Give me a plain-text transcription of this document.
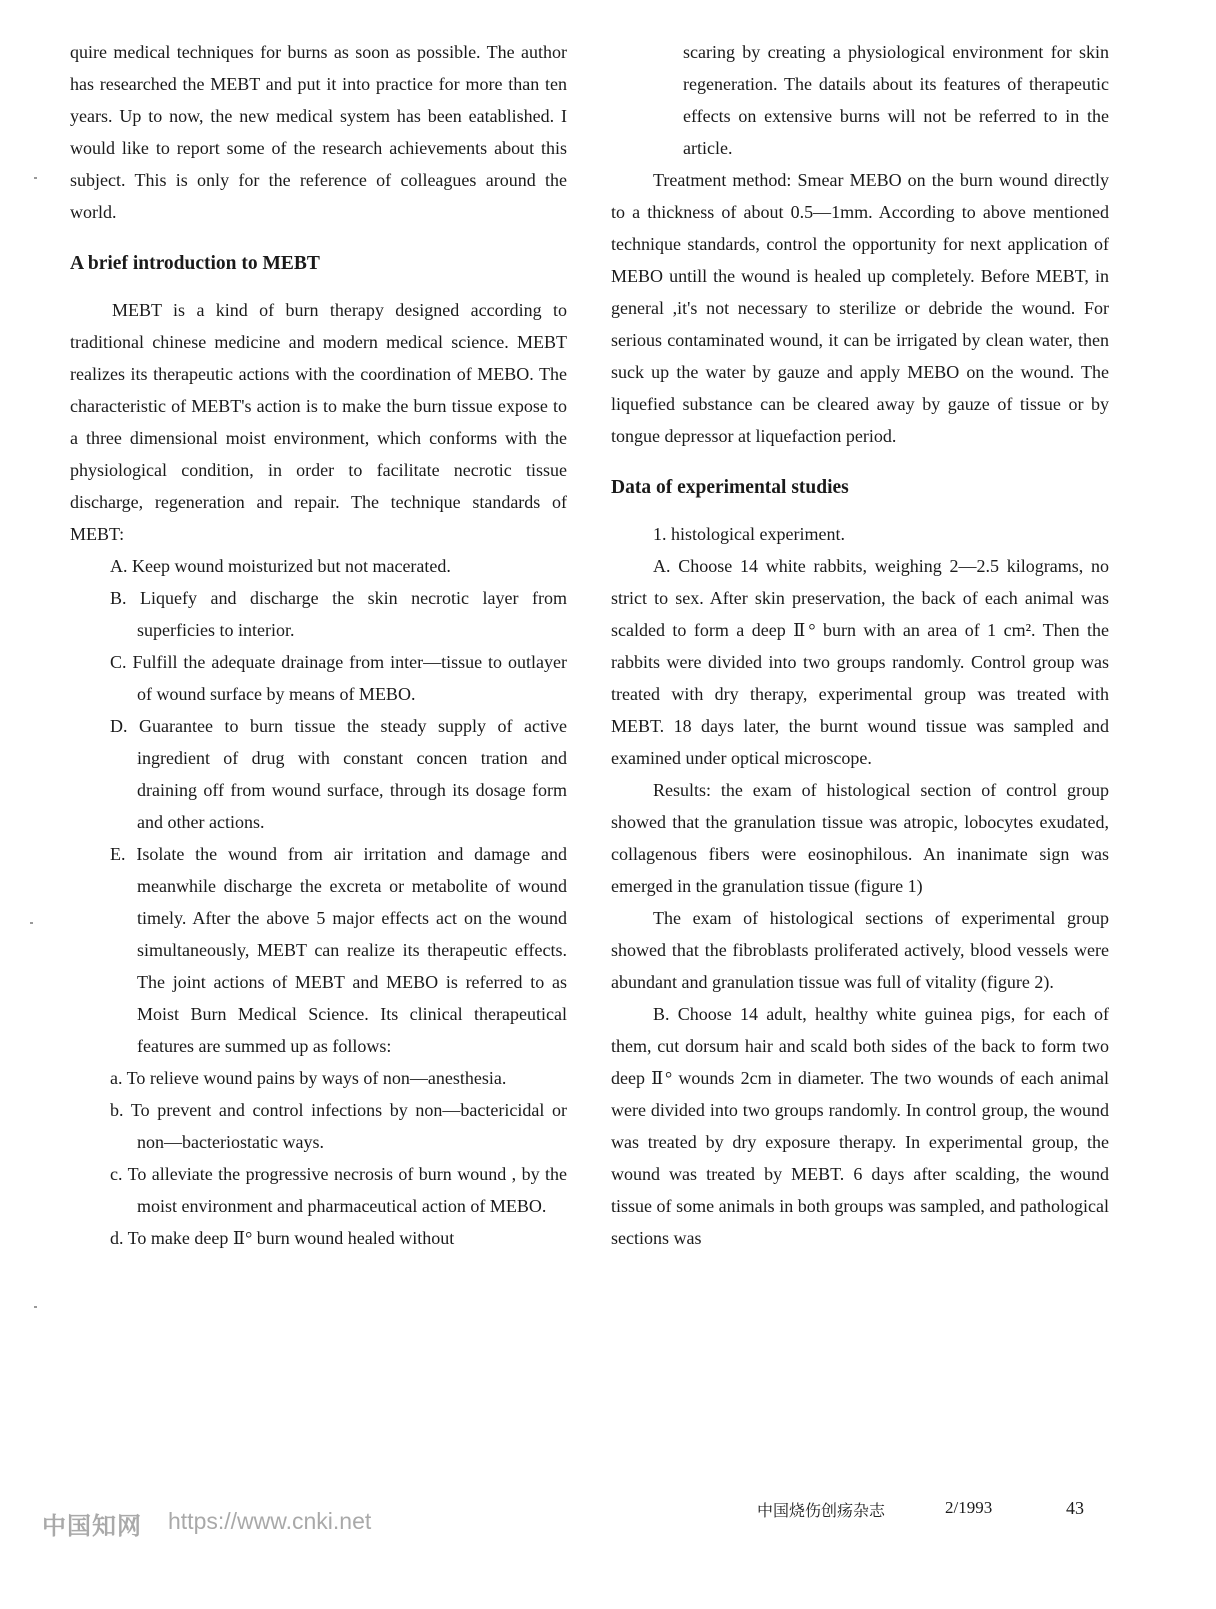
quire medical techniques for burns as soon as possible. The author has researched the MEBT and put it into practice for more than ten years. Up to now, the new medical system has been eatablished. I would like to report some of the research achievements about this subject. This is only for the reference of colleagues around the world.

A brief introduction to MEBT

MEBT is a kind of burn therapy designed according to traditional chinese medicine and modern medical science. MEBT realizes its therapeutic actions with the coordination of MEBO. The characteristic of MEBT's action is to make the burn tissue expose to a three dimensional moist environment, which conforms with the physiological condition, in order to facilitate necrotic tissue discharge, regeneration and repair. The technique standards of MEBT:

A. Keep wound moisturized but not macerated.

B. Liquefy and discharge the skin necrotic layer from superficies to interior.

C. Fulfill the adequate drainage from inter—tissue to outlayer of wound surface by means of MEBO.

D. Guarantee to burn tissue the steady supply of active ingredient of drug with constant concen tration and draining off from wound surface, through its dosage form and other actions.

E. Isolate the wound from air irritation and damage and meanwhile discharge the excreta or metabolite of wound timely. After the above 5 major effects act on the wound simultaneously, MEBT can realize its therapeutic effects. The joint actions of MEBT and MEBO is referred to as Moist Burn Medical Science. Its clinical therapeutical features are summed up as follows:

a. To relieve wound pains by ways of non—anesthesia.

b. To prevent and control infections by non—bactericidal or non—bacteriostatic ways.

c. To alleviate the progressive necrosis of burn wound , by the moist environment and pharmaceutical action of MEBO.

d. To make deep Ⅱ° burn wound healed without

scaring by creating a physiological environment for skin regeneration. The datails about its features of therapeutic effects on extensive burns will not be referred to in the article.

Treatment method: Smear MEBO on the burn wound directly to a thickness of about 0.5—1mm. According to above mentioned technique standards, control the opportunity for next application of MEBO untill the wound is healed up completely. Before MEBT, in general ,it's not necessary to sterilize or debride the wound. For serious contaminated wound, it can be irrigated by clean water, then suck up the water by gauze and apply MEBO on the wound. The liquefied substance can be cleared away by gauze of tissue or by tongue depressor at liquefaction period.

Data of experimental studies

1. histological experiment.

A. Choose 14 white rabbits, weighing 2—2.5 kilograms, no strict to sex. After skin preservation, the back of each animal was scalded to form a deep Ⅱ° burn with an area of 1 cm². Then the rabbits were divided into two groups randomly. Control group was treated with dry therapy, experimental group was treated with MEBT. 18 days later, the burnt wound tissue was sampled and examined under optical microscope.

Results: the exam of histological section of control group showed that the granulation tissue was atropic, lobocytes exudated, collagenous fibers were eosinophilous. An inanimate sign was emerged in the granulation tissue (figure 1)

The exam of histological sections of experimental group showed that the fibroblasts proliferated actively, blood vessels were abundant and granulation tissue was full of vitality (figure 2).

B. Choose 14 adult, healthy white guinea pigs, for each of them, cut dorsum hair and scald both sides of the back to form two deep Ⅱ° wounds 2cm in diameter. The two wounds of each animal were divided into two groups randomly. In control group, the wound was treated by dry exposure therapy. In experimental group, the wound was treated by MEBT. 6 days after scalding, the wound tissue of some animals in both groups was sampled, and pathological sections was

中国知网 https://www.cnki.net	中国烧伤创疡杂志	2/1993	43
